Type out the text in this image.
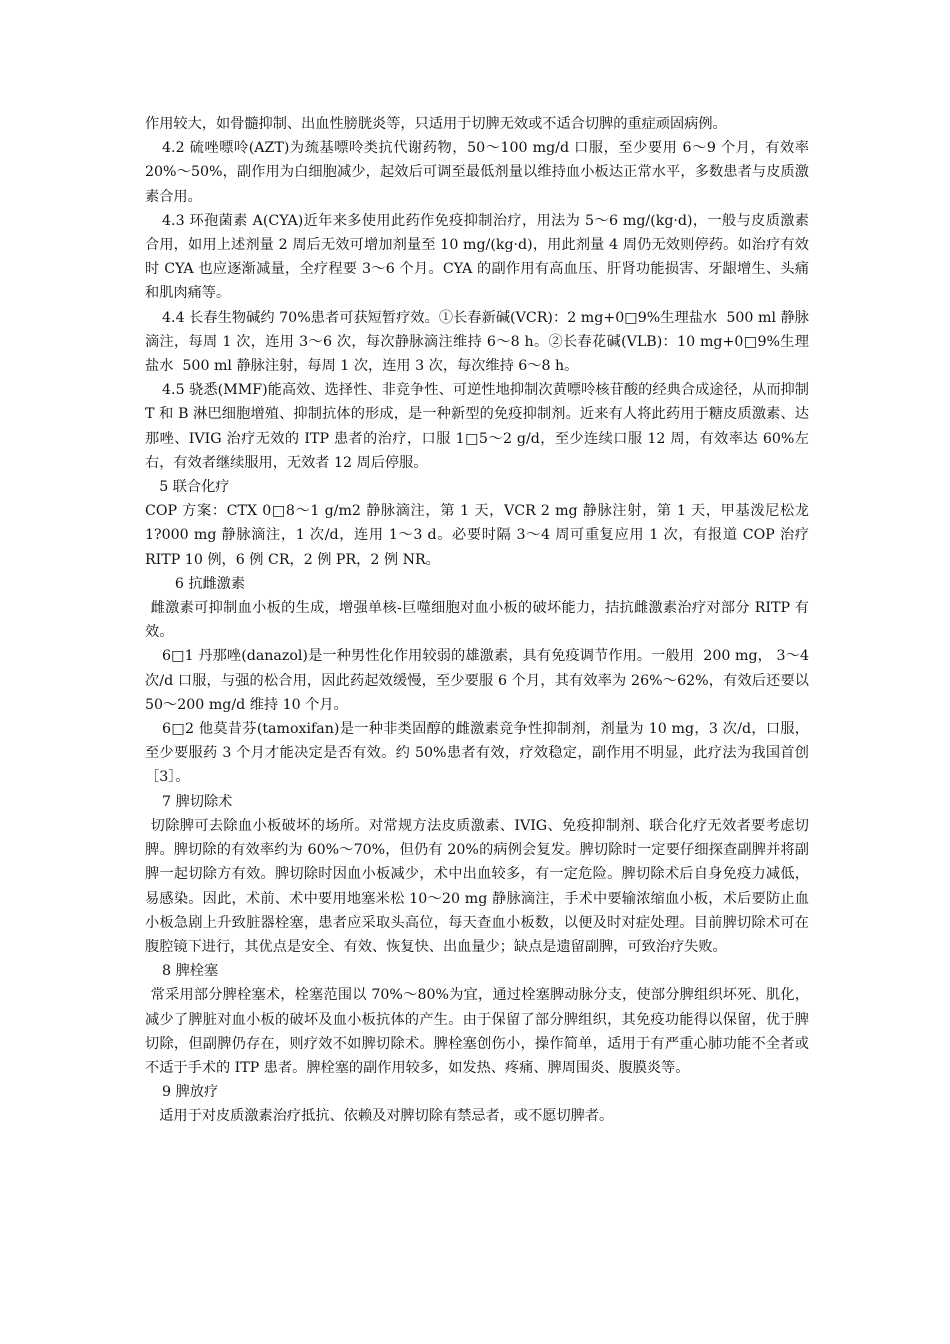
作用较大，如骨髓抑制、出血性膀胱炎等，只适用于切脾无效或不适合切脾的重症顽固病例。

4.2 硫唑嘌呤(AZT)为巯基嘌呤类抗代谢药物，50～100 mg/d 口服，至少要用 6～9 个月，有效率 20%～50%，副作用为白细胞减少，起效后可调至最低剂量以维持血小板达正常水平，多数患者与皮质激素合用。

4.3 环孢菌素 A(CYA)近年来多使用此药作免疫抑制治疗，用法为 5～6 mg/(kg·d)，一般与皮质激素合用，如用上述剂量 2 周后无效可增加剂量至 10 mg/(kg·d)，用此剂量 4 周仍无效则停药。如治疗有效时 CYA 也应逐渐减量，全疗程要 3～6 个月。CYA 的副作用有高血压、肝肾功能损害、牙龈增生、头痛和肌肉痛等。

4.4 长春生物碱约 70%患者可获短暂疗效。①长春新碱(VCR)：2 mg+0□9%生理盐水  500 ml 静脉滴注，每周 1 次，连用 3～6 次，每次静脉滴注维持 6～8 h。②长春花碱(VLB)：10 mg+0□9%生理盐水  500 ml 静脉注射，每周 1 次，连用 3 次，每次维持 6～8 h。

4.5 骁悉(MMF)能高效、选择性、非竞争性、可逆性地抑制次黄嘌呤核苷酸的经典合成途径，从而抑制 T 和 B 淋巴细胞增殖、抑制抗体的形成，是一种新型的免疫抑制剂。近来有人将此药用于糖皮质激素、达那唑、IVIG 治疗无效的 ITP 患者的治疗，口服 1□5～2 g/d，至少连续口服 12 周，有效率达 60%左右，有效者继续服用，无效者 12 周后停服。

5 联合化疗

COP 方案：CTX 0□8～1 g/m2 静脉滴注，第 1 天，VCR 2 mg 静脉注射，第 1 天，甲基泼尼松龙  1?000 mg 静脉滴注，1 次/d，连用 1～3 d。必要时隔 3～4 周可重复应用 1 次，有报道 COP 治疗 RITP 10 例，6 例 CR，2 例 PR，2 例 NR。

6 抗雌激素

雌激素可抑制血小板的生成，增强单核-巨噬细胞对血小板的破坏能力，拮抗雌激素治疗对部分 RITP 有效。

6□1 丹那唑(danazol)是一种男性化作用较弱的雄激素，具有免疫调节作用。一般用  200 mg， 3～4 次/d 口服，与强的松合用，因此药起效缓慢，至少要服 6 个月，其有效率为 26%～62%，有效后还要以 50～200 mg/d 维持 10 个月。

6□2 他莫昔芬(tamoxifan)是一种非类固醇的雌激素竞争性抑制剂，剂量为 10 mg，3 次/d，口服，至少要服药 3 个月才能决定是否有效。约 50%患者有效，疗效稳定，副作用不明显，此疗法为我国首创［3］。

7 脾切除术

切除脾可去除血小板破坏的场所。对常规方法皮质激素、IVIG、免疫抑制剂、联合化疗无效者要考虑切脾。脾切除的有效率约为 60%～70%，但仍有 20%的病例会复发。脾切除时一定要仔细探查副脾并将副脾一起切除方有效。脾切除时因血小板减少，术中出血较多，有一定危险。脾切除术后自身免疫力减低，易感染。因此，术前、术中要用地塞米松 10～20 mg 静脉滴注，手术中要输浓缩血小板，术后要防止血小板急剧上升致脏器栓塞，患者应采取头高位，每天查血小板数，以便及时对症处理。目前脾切除术可在腹腔镜下进行，其优点是安全、有效、恢复快、出血量少；缺点是遗留副脾，可致治疗失败。

8 脾栓塞

常采用部分脾栓塞术，栓塞范围以 70%～80%为宜，通过栓塞脾动脉分支，使部分脾组织坏死、肌化，减少了脾脏对血小板的破坏及血小板抗体的产生。由于保留了部分脾组织，其免疫功能得以保留，优于脾切除，但副脾仍存在，则疗效不如脾切除术。脾栓塞创伤小，操作简单，适用于有严重心肺功能不全者或不适于手术的 ITP 患者。脾栓塞的副作用较多，如发热、疼痛、脾周围炎、腹膜炎等。

9 脾放疗

适用于对皮质激素治疗抵抗、依赖及对脾切除有禁忌者，或不愿切脾者。
